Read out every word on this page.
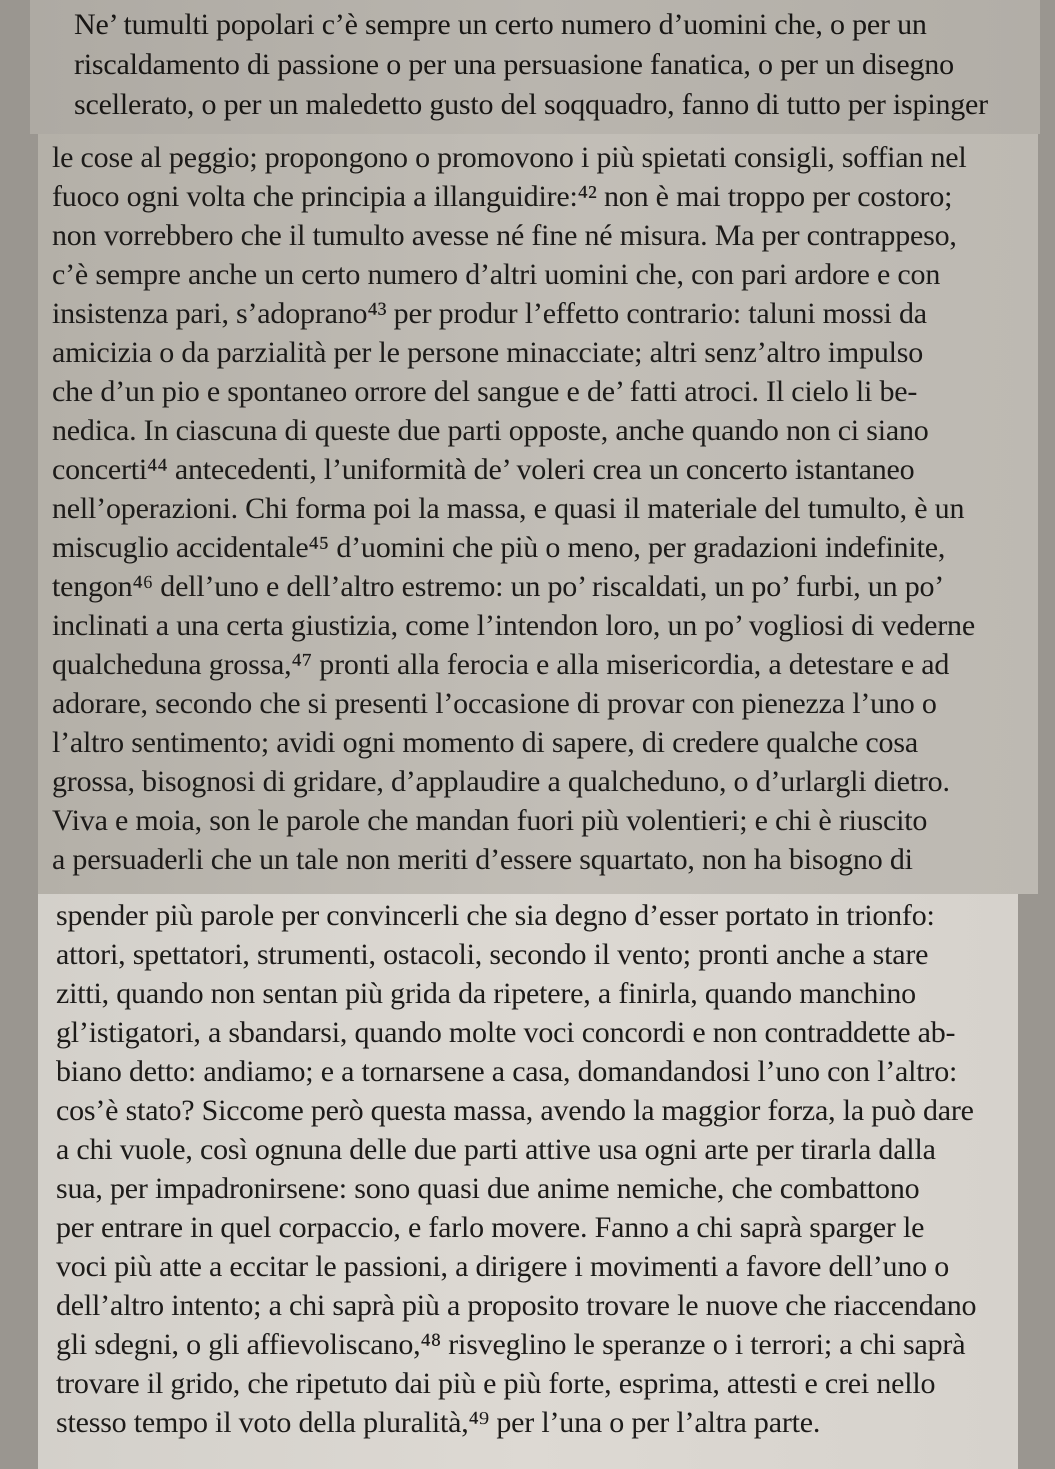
Ne’ tumulti popolari c’è sempre un certo numero d’uomini che, o per un
riscaldamento di passione o per una persuasione fanatica, o per un disegno
scellerato, o per un maledetto gusto del soqquadro, fanno di tutto per ispinger
le cose al peggio; propongono o promovono i più spietati consigli, soffian nel
fuoco ogni volta che principia a illanguidire:⁴² non è mai troppo per costoro;
non vorrebbero che il tumulto avesse né fine né misura. Ma per contrappeso,
c’è sempre anche un certo numero d’altri uomini che, con pari ardore e con
insistenza pari, s’adoprano⁴³ per produr l’effetto contrario: taluni mossi da
amicizia o da parzialità per le persone minacciate; altri senz’altro impulso
che d’un pio e spontaneo orrore del sangue e de’ fatti atroci. Il cielo li be-
nedica. In ciascuna di queste due parti opposte, anche quando non ci siano
concerti⁴⁴ antecedenti, l’uniformità de’ voleri crea un concerto istantaneo
nell’operazioni. Chi forma poi la massa, e quasi il materiale del tumulto, è un
miscuglio accidentale⁴⁵ d’uomini che più o meno, per gradazioni indefinite,
tengon⁴⁶ dell’uno e dell’altro estremo: un po’ riscaldati, un po’ furbi, un po’
inclinati a una certa giustizia, come l’intendon loro, un po’ vogliosi di vederne
qualcheduna grossa,⁴⁷ pronti alla ferocia e alla misericordia, a detestare e ad
adorare, secondo che si presenti l’occasione di provar con pienezza l’uno o
l’altro sentimento; avidi ogni momento di sapere, di credere qualche cosa
grossa, bisognosi di gridare, d’applaudire a qualcheduno, o d’urlargli dietro.
Viva e moia, son le parole che mandan fuori più volentieri; e chi è riuscito
a persuaderli che un tale non meriti d’essere squartato, non ha bisogno di
spender più parole per convincerli che sia degno d’esser portato in trionfo:
attori, spettatori, strumenti, ostacoli, secondo il vento; pronti anche a stare
zitti, quando non sentan più grida da ripetere, a finirla, quando manchino
gl’istigatori, a sbandarsi, quando molte voci concordi e non contraddette ab-
biano detto: andiamo; e a tornarsene a casa, domandandosi l’uno con l’altro:
cos’è stato? Siccome però questa massa, avendo la maggior forza, la può dare
a chi vuole, così ognuna delle due parti attive usa ogni arte per tirarla dalla
sua, per impadronirsene: sono quasi due anime nemiche, che combattono
per entrare in quel corpaccio, e farlo movere. Fanno a chi saprà sparger le
voci più atte a eccitar le passioni, a dirigere i movimenti a favore dell’uno o
dell’altro intento; a chi saprà più a proposito trovare le nuove che riaccendano
gli sdegni, o gli affievoliscano,⁴⁸ risveglino le speranze o i terrori; a chi saprà
trovare il grido, che ripetuto dai più e più forte, esprima, attesti e crei nello
stesso tempo il voto della pluralità,⁴⁹ per l’una o per l’altra parte.
